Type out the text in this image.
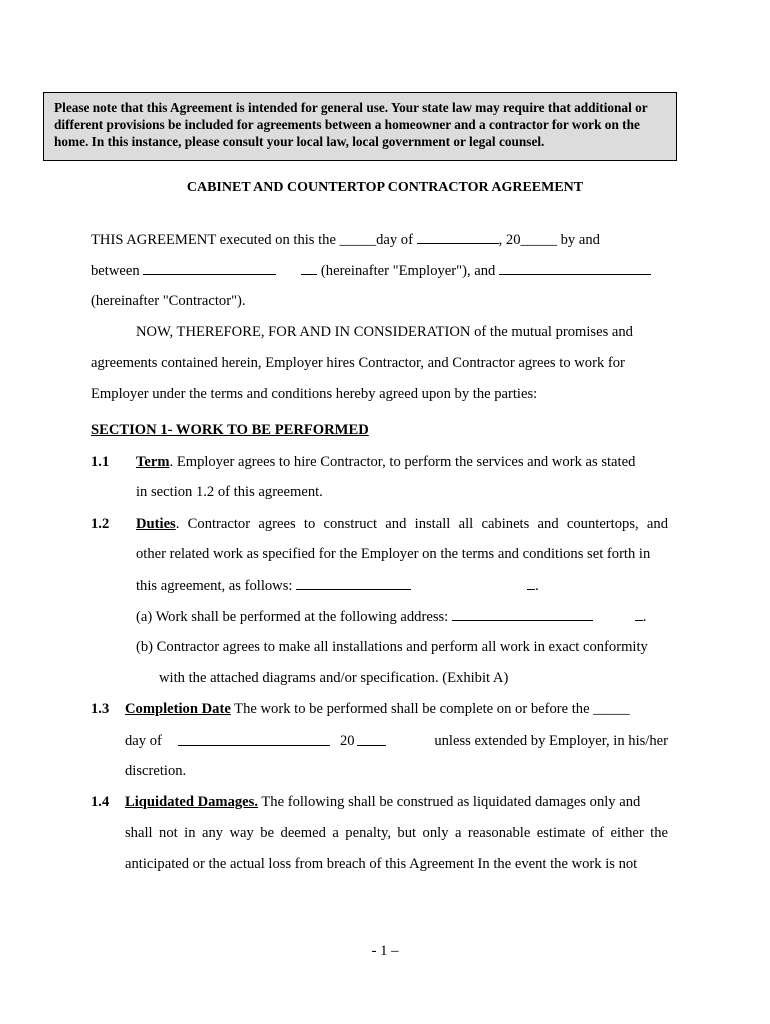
Please note that this Agreement is intended for general use. Your state law may require that additional or
different provisions be included for agreements between a homeowner and a contractor for work on the
home. In this instance, please consult your local law, local government or legal counsel.
CABINET AND COUNTERTOP CONTRACTOR AGREEMENT
THIS AGREEMENT executed on this the _____day of	, 20_____ by and
between	(hereinafter "Employer"), and
(hereinafter "Contractor").
NOW, THEREFORE, FOR AND IN CONSIDERATION of the mutual promises and
agreements contained herein, Employer hires Contractor, and Contractor agrees to work for
Employer under the terms and conditions hereby agreed upon by the parties:
SECTION 1- WORK TO BE PERFORMED
1.1 Term. Employer agrees to hire Contractor, to perform the services and work as stated
in section 1.2 of this agreement.
1.2 Duties. Contractor agrees to construct and install all cabinets and countertops, and
other related work as specified for the Employer on the terms and conditions set forth in
this agreement, as follows:	.
(a) Work shall be performed at the following address:	.
(b) Contractor agrees to make all installations and perform all work in exact conformity
with the attached diagrams and/or specification. (Exhibit A)
1.3 Completion Date The work to be performed shall be complete on or before the _____
day of	20	unless extended by Employer, in his/her
discretion.
1.4 Liquidated Damages. The following shall be construed as liquidated damages only and
shall not in any way be deemed a penalty, but only a reasonable estimate of either the
anticipated or the actual loss from breach of this Agreement In the event the work is not
- 1 –
